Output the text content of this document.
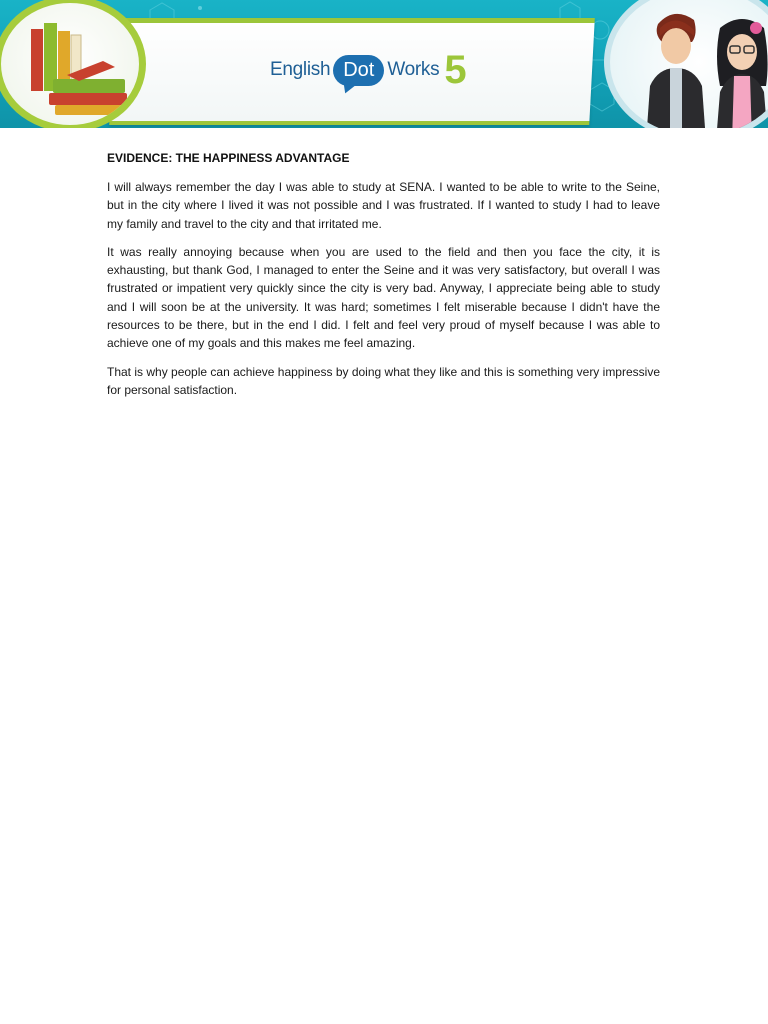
English Dot Works 5

EVIDENCE: THE HAPPINESS ADVANTAGE

I will always remember the day I was able to study at SENA. I wanted to be able to write to the Seine, but in the city where I lived it was not possible and I was frustrated. If I wanted to study I had to leave my family and travel to the city and that irritated me.

It was really annoying because when you are used to the field and then you face the city, it is exhausting, but thank God, I managed to enter the Seine and it was very satisfactory, but overall I was frustrated or impatient very quickly since the city is very bad. Anyway, I appreciate being able to study and I will soon be at the university. It was hard; sometimes I felt miserable because I didn't have the resources to be there, but in the end I did. I felt and feel very proud of myself because I was able to achieve one of my goals and this makes me feel amazing.

That is why people can achieve happiness by doing what they like and this is something very impressive for personal satisfaction.
